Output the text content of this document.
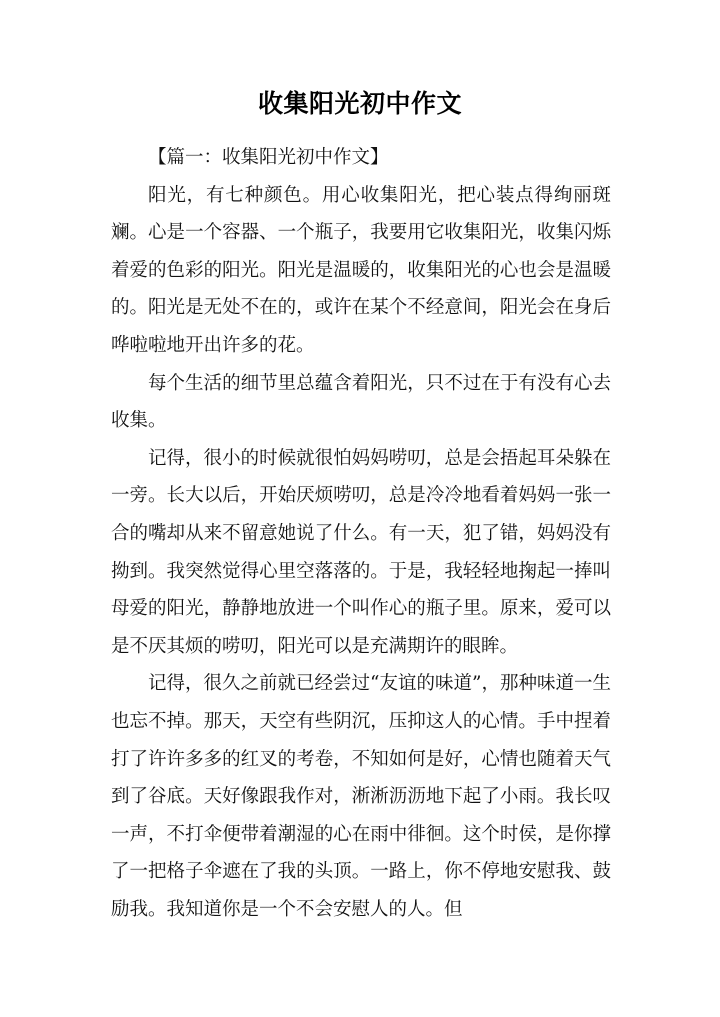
收集阳光初中作文

【篇一：收集阳光初中作文】

阳光，有七种颜色。用心收集阳光，把心装点得绚丽斑斓。心是一个容器、一个瓶子，我要用它收集阳光，收集闪烁着爱的色彩的阳光。阳光是温暖的，收集阳光的心也会是温暖的。阳光是无处不在的，或许在某个不经意间，阳光会在身后哗啦啦地开出许多的花。

每个生活的细节里总蕴含着阳光，只不过在于有没有心去收集。

记得，很小的时候就很怕妈妈唠叨，总是会捂起耳朵躲在一旁。长大以后，开始厌烦唠叨，总是冷冷地看着妈妈一张一合的嘴却从来不留意她说了什么。有一天，犯了错，妈妈没有拗到。我突然觉得心里空落落的。于是，我轻轻地掬起一捧叫母爱的阳光，静静地放进一个叫作心的瓶子里。原来，爱可以是不厌其烦的唠叨，阳光可以是充满期许的眼眸。

记得，很久之前就已经尝过“友谊的味道”，那种味道一生也忘不掉。那天，天空有些阴沉，压抑这人的心情。手中捏着打了许许多多的红叉的考卷，不知如何是好，心情也随着天气到了谷底。天好像跟我作对，淅淅沥沥地下起了小雨。我长叹一声，不打伞便带着潮湿的心在雨中徘徊。这个时侯，是你撑了一把格子伞遮在了我的头顶。一路上，你不停地安慰我、鼓励我。我知道你是一个不会安慰人的人。但
